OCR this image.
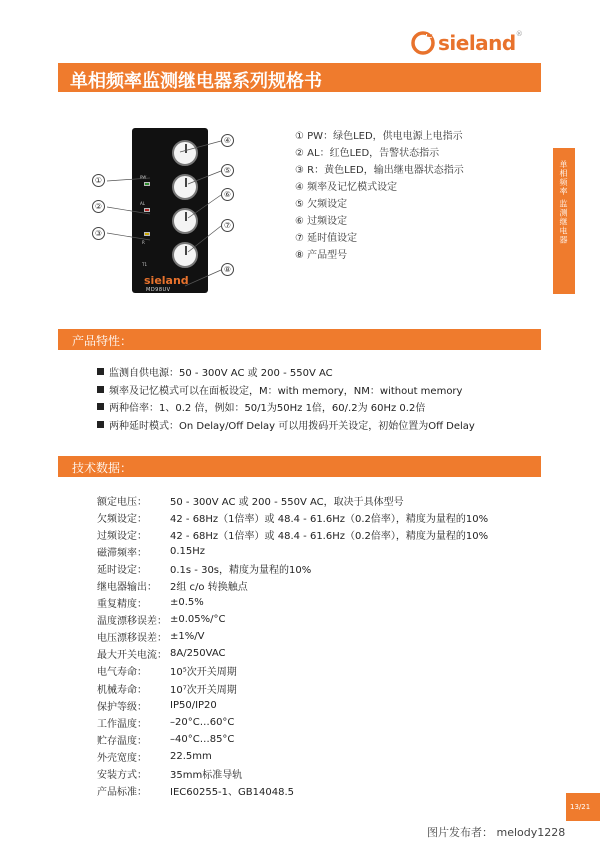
sieland ®
单相频率监测继电器系列规格书
PW
AL
R
T1
sieland
MD98UV
①
②
③
④
⑤
⑥
⑦
⑧
① PW：绿色LED，供电电源上电指示
② AL：红色LED，告警状态指示
③ R：黄色LED，输出继电器状态指示
④ 频率及记忆模式设定
⑤ 欠频设定
⑥ 过频设定
⑦ 延时值设定
⑧ 产品型号
单相频率 监测继电器
产品特性：
监测自供电源：50 - 300V AC 或 200 - 550V AC
频率及记忆模式可以在面板设定，M：with memory，NM：without memory
两种倍率：1、0.2 倍，例如：50/1为50Hz 1倍，60/.2为 60Hz 0.2倍
两种延时模式：On Delay/Off Delay 可以用拨码开关设定，初始位置为Off Delay
技术数据：
额定电压：	50 - 300V AC 或 200 - 550V AC，取决于具体型号
欠频设定：	42 - 68Hz（1倍率）或 48.4 - 61.6Hz（0.2倍率），精度为量程的10%
过频设定：	42 - 68Hz（1倍率）或 48.4 - 61.6Hz（0.2倍率），精度为量程的10%
磁滞频率：	0.15Hz
延时设定：	0.1s - 30s，精度为量程的10%
继电器输出：	2组 c/o 转换触点
重复精度：	±0.5%
温度漂移误差： ±0.05%/°C
电压漂移误差： ±1%/V
最大开关电流： 8A/250VAC
电气寿命：	10⁵次开关周期
机械寿命：	10⁷次开关周期
保护等级：	IP50/IP20
工作温度：	–20°C…60°C
贮存温度：	–40°C…85°C
外壳宽度：	22.5mm
安装方式：	35mm标准导轨
产品标准：	IEC60255-1、GB14048.5
13/21
图片发布者： melody1228
